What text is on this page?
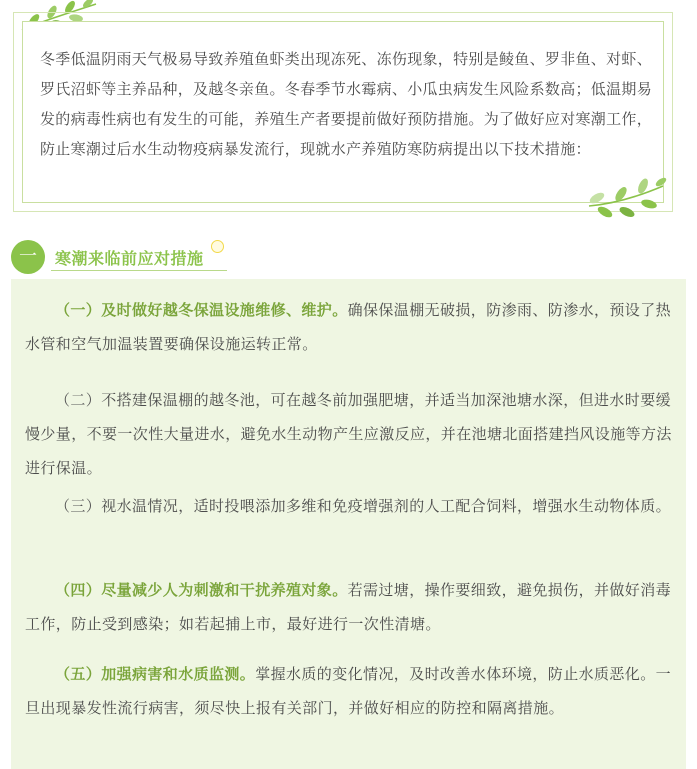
冬季低温阴雨天气极易导致养殖鱼虾类出现冻死、冻伤现象，特别是鲮鱼、罗非鱼、对虾、罗氏沼虾等主养品种，及越冬亲鱼。冬春季节水霉病、小瓜虫病发生风险系数高；低温期易发的病毒性病也有发生的可能，养殖生产者要提前做好预防措施。为了做好应对寒潮工作，防止寒潮过后水生动物疫病暴发流行，现就水产养殖防寒防病提出以下技术措施：

一	寒潮来临前应对措施

（一）及时做好越冬保温设施维修、维护。确保保温棚无破损，防渗雨、防渗水，预设了热水管和空气加温装置要确保设施运转正常。

（二）不搭建保温棚的越冬池，可在越冬前加强肥塘，并适当加深池塘水深，但进水时要缓慢少量，不要一次性大量进水，避免水生动物产生应激反应，并在池塘北面搭建挡风设施等方法进行保温。

（三）视水温情况，适时投喂添加多维和免疫增强剂的人工配合饲料，增强水生动物体质。

（四）尽量减少人为刺激和干扰养殖对象。若需过塘，操作要细致，避免损伤，并做好消毒工作，防止受到感染；如若起捕上市，最好进行一次性清塘。

（五）加强病害和水质监测。掌握水质的变化情况，及时改善水体环境，防止水质恶化。一旦出现暴发性流行病害，须尽快上报有关部门，并做好相应的防控和隔离措施。
